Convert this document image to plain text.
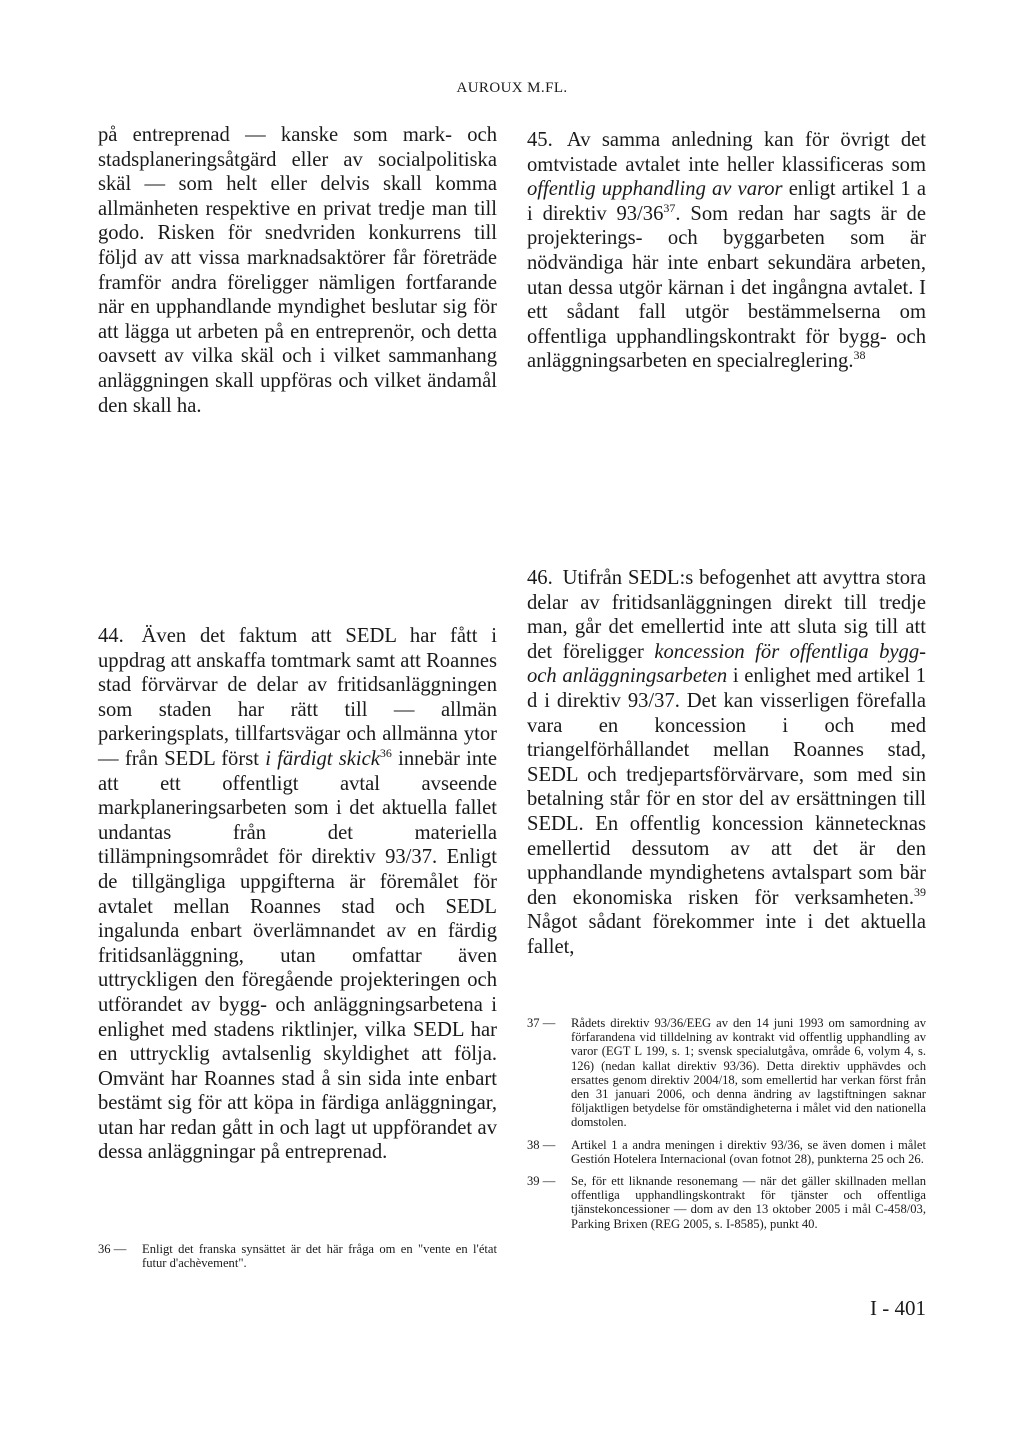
AUROUX M.FL.

på entreprenad — kanske som mark- och stadsplaneringsåtgärd eller av socialpolitiska skäl — som helt eller delvis skall komma allmänheten respektive en privat tredje man till godo. Risken för snedvriden konkurrens till följd av att vissa marknadsaktörer får företräde framför andra föreligger nämligen fortfarande när en upphandlande myndighet beslutar sig för att lägga ut arbeten på en entreprenör, och detta oavsett av vilka skäl och i vilket sammanhang anläggningen skall uppföras och vilket ändamål den skall ha.

44. Även det faktum att SEDL har fått i uppdrag att anskaffa tomtmark samt att Roannes stad förvärvar de delar av fritidsanläggningen som staden har rätt till — allmän parkeringsplats, tillfartsvägar och allmänna ytor — från SEDL först i färdigt skick$^{36}$ innebär inte att ett offentligt avtal avseende markplaneringsarbeten som i det aktuella fallet undantas från det materiella tillämpningsområdet för direktiv 93/37. Enligt de tillgängliga uppgifterna är föremålet för avtalet mellan Roannes stad och SEDL ingalunda enbart överlämnandet av en färdig fritidsanläggning, utan omfattar även uttryckligen den föregående projekteringen och utförandet av bygg- och anläggningsarbetena i enlighet med stadens riktlinjer, vilka SEDL har en uttrycklig avtalsenlig skyldighet att följa. Omvänt har Roannes stad å sin sida inte enbart bestämt sig för att köpa in färdiga anläggningar, utan har redan gått in och lagt ut uppförandet av dessa anläggningar på entreprenad.

36 —	Enligt det franska synsättet är det här fråga om en "vente en l'état futur d'achèvement".

45. Av samma anledning kan för övrigt det omtvistade avtalet inte heller klassificeras som offentlig upphandling av varor enligt artikel 1 a i direktiv $93/36^{37}$. Som redan har sagts är de projekterings- och byggarbeten som är nödvändiga här inte enbart sekundära arbeten, utan dessa utgör kärnan i det ingångna avtalet. I ett sådant fall utgör bestämmelserna om offentliga upphandlingskontrakt för bygg- och anläggningsarbeten en specialreglering.$^{38}$

46. Utifrån SEDL:s befogenhet att avyttra stora delar av fritidsanläggningen direkt till tredje man, går det emellertid inte att sluta sig till att det föreligger koncession för offentliga bygg- och anläggningsarbeten i enlighet med artikel 1 d i direktiv 93/37. Det kan visserligen förefalla vara en koncession i och med triangelförhållandet mellan Roannes stad, SEDL och tredjepartsförvärvare, som med sin betalning står för en stor del av ersättningen till SEDL. En offentlig koncession kännetecknas emellertid dessutom av att det är den upphandlande myndighetens avtalspart som bär den ekonomiska risken för verksamheten.$^{39}$ Något sådant förekommer inte i det aktuella fallet,

37 —	Rådets direktiv 93/36/EEG av den 14 juni 1993 om samordning av förfarandena vid tilldelning av kontrakt vid offentlig upphandling av varor (EGT L 199, s. 1; svensk specialutgåva, område 6, volym 4, s. 126) (nedan kallat direktiv 93/36). Detta direktiv upphävdes och ersattes genom direktiv 2004/18, som emellertid har verkan först från den 31 januari 2006, och denna ändring av lagstiftningen saknar följaktligen betydelse för omständigheterna i målet vid den nationella domstolen.
38 —	Artikel 1 a andra meningen i direktiv 93/36, se även domen i målet Gestión Hotelera Internacional (ovan fotnot 28), punkterna 25 och 26.
39 —	Se, för ett liknande resonemang — när det gäller skillnaden mellan offentliga upphandlingskontrakt för tjänster och offentliga tjänstekoncessioner — dom av den 13 oktober 2005 i mål C-458/03, Parking Brixen (REG 2005, s. I-8585), punkt 40.
I - 401
